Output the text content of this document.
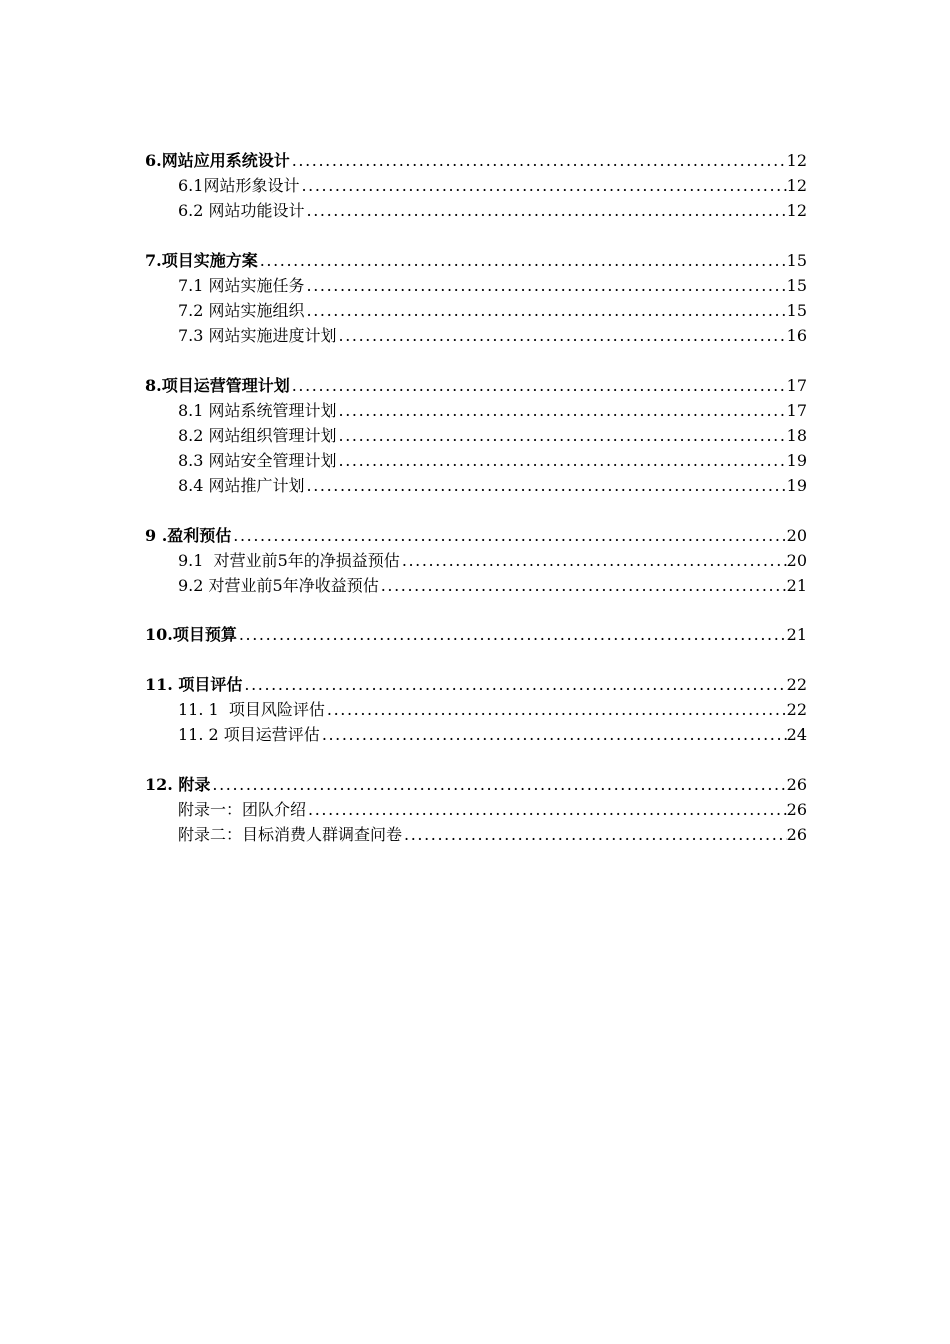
6.网站应用系统设计 .....	12
6.1网站形象设计 .....	12
6.2 网站功能设计 .....	12
7.项目实施方案 .....	15
7.1 网站实施任务 .....	15
7.2 网站实施组织 .....	15
7.3 网站实施进度计划 .....	16
8.项目运营管理计划 .....	17
8.1 网站系统管理计划 .....	17
8.2 网站组织管理计划 .....	18
8.3 网站安全管理计划 .....	19
8.4 网站推广计划 .....	19
9 .盈利预估 .....	20
9.1  对营业前5年的净损益预估 .....	20
9.2 对营业前5年净收益预估 .....	21
10.项目预算 .....	21
11. 项目评估 .....	22
11. 1  项目风险评估 .....	22
11. 2 项目运营评估 .....	24
12. 附录 .....	26
附录一：团队介绍 .....	26
附录二：目标消费人群调查问卷 .....	26
